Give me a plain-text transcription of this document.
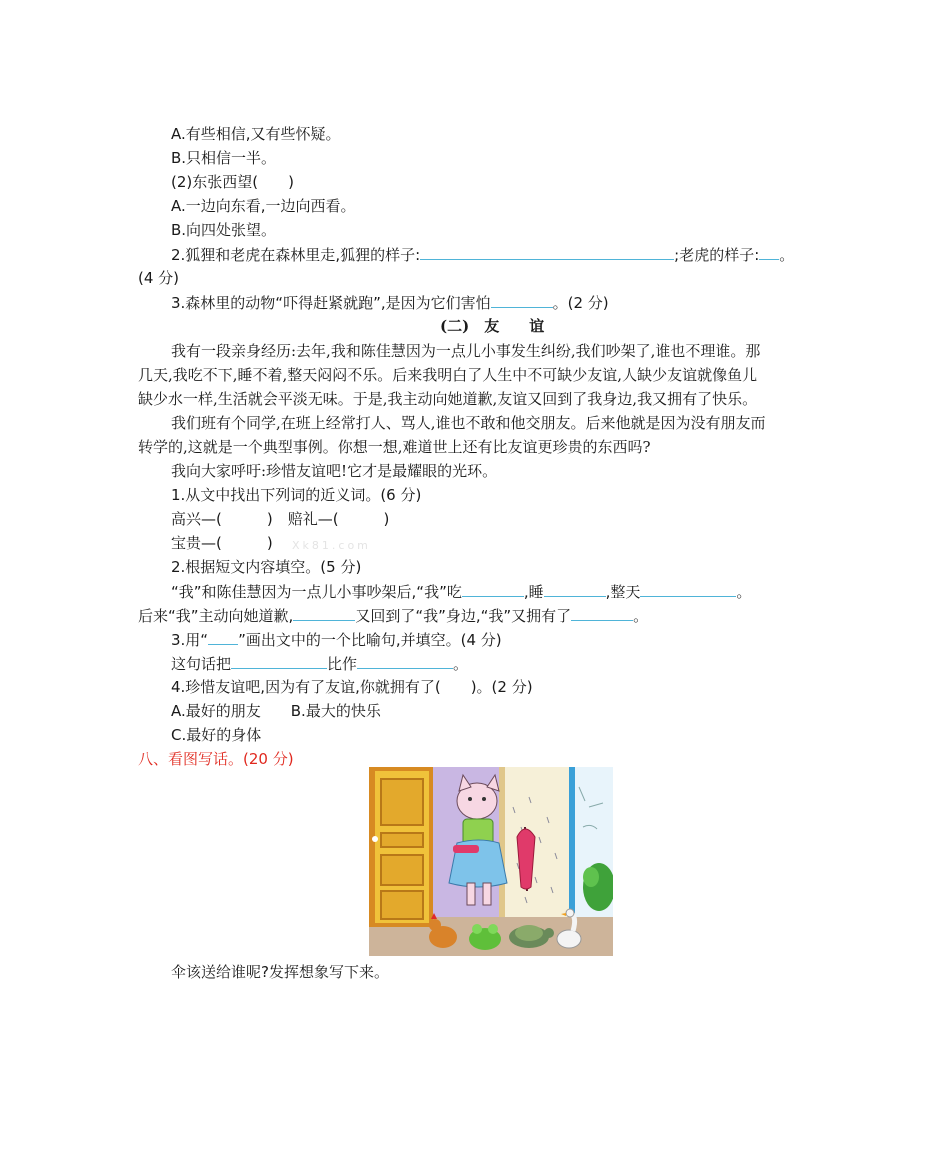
A.有些相信,又有些怀疑。
B.只相信一半。
(2)东张西望(　　)
A.一边向东看,一边向西看。
B.向四处张望。
2.狐狸和老虎在森林里走,狐狸的样子:	;老虎的样子: 。
(4 分)
3.森林里的动物“吓得赶紧就跑”,是因为它们害怕	。(2 分)
(二)　友　　谊
我有一段亲身经历:去年,我和陈佳慧因为一点儿小事发生纠纷,我们吵架了,谁也不理谁。那
几天,我吃不下,睡不着,整天闷闷不乐。后来我明白了人生中不可缺少友谊,人缺少友谊就像鱼儿
缺少水一样,生活就会平淡无味。于是,我主动向她道歉,友谊又回到了我身边,我又拥有了快乐。
我们班有个同学,在班上经常打人、骂人,谁也不敢和他交朋友。后来他就是因为没有朋友而
转学的,这就是一个典型事例。你想一想,难道世上还有比友谊更珍贵的东西吗?
我向大家呼吁:珍惜友谊吧!它才是最耀眼的光环。
1.从文中找出下列词的近义词。(6 分)
高兴—(　　　)　赔礼—(　　　)
宝贵—(　　　) Xk81.com
2.根据短文内容填空。(5 分)
“我”和陈佳慧因为一点儿小事吵架后,“我”吃	,睡	,整天	。
后来“我”主动向她道歉,	又回到了“我”身边,“我”又拥有了	。
3.用“ ”画出文中的一个比喻句,并填空。(4 分)
这句话把	比作	。
4.珍惜友谊吧,因为有了友谊,你就拥有了(　　)。(2 分)
A.最好的朋友　　B.最大的快乐
C.最好的身体
八、看图写话。(20 分)
伞该送给谁呢?发挥想象写下来。
